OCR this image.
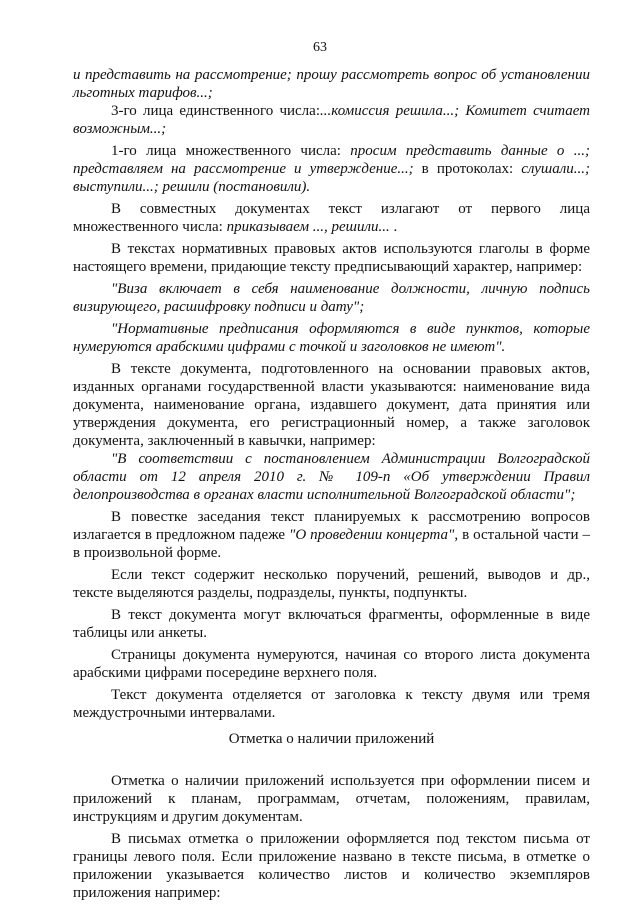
63

и представить на рассмотрение; прошу рассмотреть вопрос об установлении льготных тарифов...;

3-го лица единственного числа:...комиссия решила...; Комитет считает возможным...;

1-го лица множественного числа: просим представить данные о ...; представляем на рассмотрение и утверждение...; в протоколах: слушали...; выступили...; решили (постановили).

В совместных документах текст излагают от первого лица множественного числа: приказываем ..., решили... .

В текстах нормативных правовых актов используются глаголы в форме настоящего времени, придающие тексту предписывающий характер, например:

"Виза включает в себя наименование должности, личную подпись визирующего, расшифровку подписи и дату";

"Нормативные предписания оформляются в виде пунктов, которые нумеруются арабскими цифрами с точкой и заголовков не имеют".

В тексте документа, подготовленного на основании правовых актов, изданных органами государственной власти указываются: наименование вида документа, наименование органа, издавшего документ, дата принятия или утверждения документа, его регистрационный номер, а также заголовок документа, заключенный в кавычки, например:

"В соответствии с постановлением Администрации Волгоградской области от 12 апреля 2010 г. № 109-п «Об утверждении Правил делопроизводства в органах власти исполнительной Волгоградской области";

В повестке заседания текст планируемых к рассмотрению вопросов излагается в предложном падеже "О проведении концерта", в остальной части – в произвольной форме.

Если текст содержит несколько поручений, решений, выводов и др., тексте выделяются разделы, подразделы, пункты, подпункты.

В текст документа могут включаться фрагменты, оформленные в виде таблицы или анкеты.

Страницы документа нумеруются, начиная со второго листа документа арабскими цифрами посередине верхнего поля.

Текст документа отделяется от заголовка к тексту двумя или тремя междустрочными интервалами.

Отметка о наличии приложений

Отметка о наличии приложений используется при оформлении писем и приложений к планам, программам, отчетам, положениям, правилам, инструкциям и другим документам.

В письмах отметка о приложении оформляется под текстом письма от границы левого поля. Если приложение названо в тексте письма, в отметке о приложении указывается количество листов и количество экземпляров приложения например:
